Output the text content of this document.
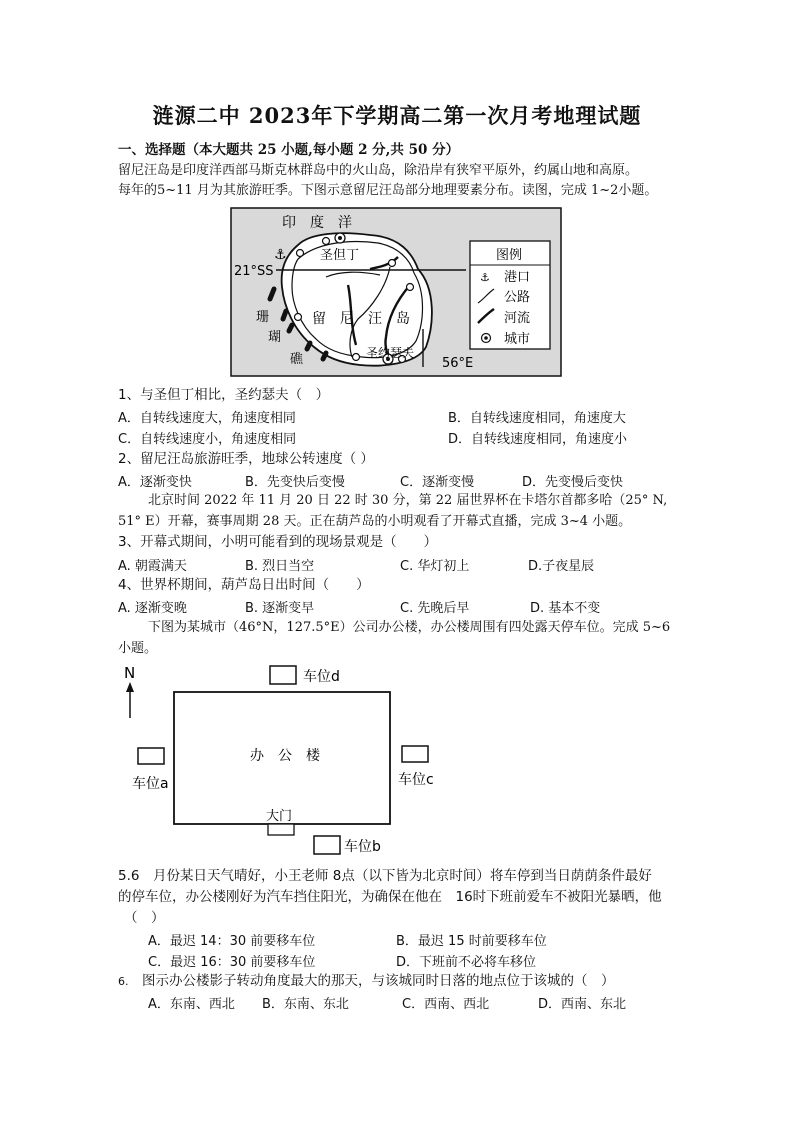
涟源二中 2023年下学期高二第一次月考地理试题
一、选择题（本大题共 25 小题,每小题 2 分,共 50 分）
留尼汪岛是印度洋西部马斯克林群岛中的火山岛，除沿岸有狭窄平原外，约属山地和高原。
每年的5~11 月为其旅游旺季。下图示意留尼汪岛部分地理要素分布。读图，完成 1~2小题。
⚓
印　度　洋
圣但丁
21°SS
留　尼　汪　岛
珊
瑚
礁	圣约瑟夫
56°E
图例
⚓ 港口
公路
河流
城市
1、与圣但丁相比，圣约瑟夫（　）
A．自转线速度大，角速度相同	B．自转线速度相同，角速度大
C．自转线速度小，角速度相同	D．自转线速度相同，角速度小
2、留尼汪岛旅游旺季，地球公转速度（ ）
A．逐渐变快	B．先变快后变慢	C．逐渐变慢	D．先变慢后变快
北京时间 2022 年 11 月 20 日 22 时 30 分，第 22 届世界杯在卡塔尔首都多哈（25° N,
51° E）开幕，赛事周期 28 天。正在葫芦岛的小明观看了开幕式直播，完成 3~4 小题。
3、开幕式期间，小明可能看到的现场景观是（　　）
A. 朝霞满天	B. 烈日当空	C. 华灯初上	D.子夜星辰
4、世界杯期间，葫芦岛日出时间（　　）
A. 逐渐变晚	B. 逐渐变早	C. 先晚后早	D. 基本不变
下图为某城市（46°N，127.5°E）公司办公楼，办公楼周围有四处露天停车位。完成 5~6
小题。
N	车位d
办　公　楼
大门
车位a	车位c
车位b
5.6　月份某日天气晴好，小王老师 8点（以下皆为北京时间）将车停到当日荫荫条件最好
的停车位，办公楼刚好为汽车挡住阳光，为确保在他在　16时下班前爱车不被阳光暴晒，他
（　）
A．最迟 14：30 前要移车位	B．最迟 15 时前要移车位
C．最迟 16：30 前要移车位	D．下班前不必将车移位
6. 图示办公楼影子转动角度最大的那天，与该城同时日落的地点位于该城的（　）
A．东南、西北 B．东南、东北	C．西南、西北	D．西南、东北
